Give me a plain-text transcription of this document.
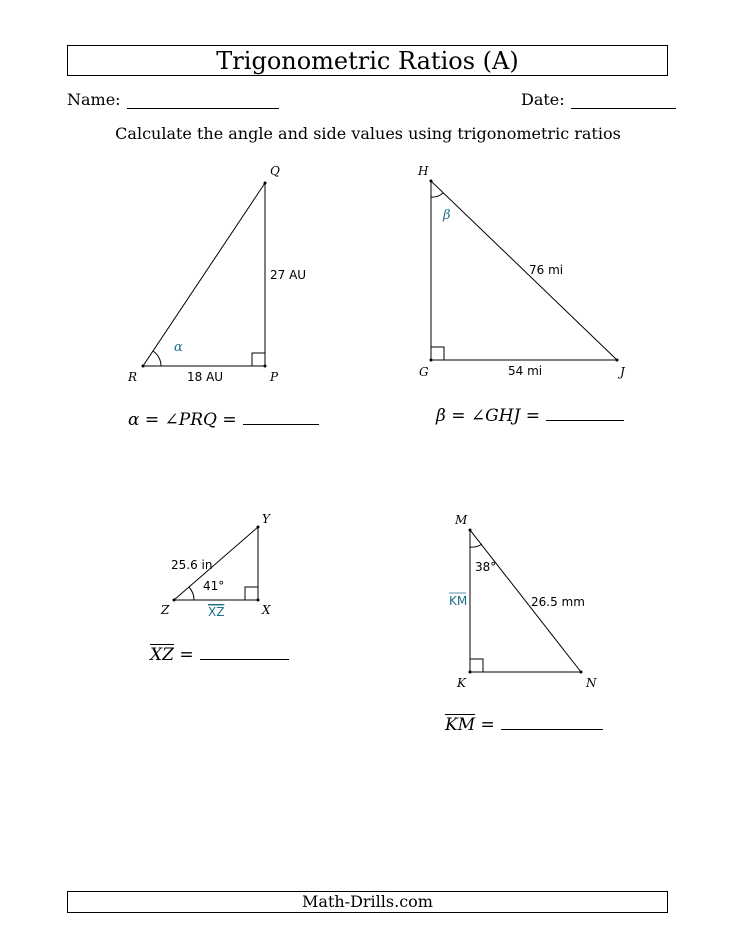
Trigonometric Ratios (A)
Name:	Date:
Calculate the angle and side values using trigonometric ratios
R	P
Q
18 AU
27 AU
α
H
G	J
76 mi
54 mi
β
Z	X
Y
25.6 in
41°
XZ
M
K	N
26.5 mm
38°
KM
α = ∠PRQ =	β = ∠GHJ =
$\overline{XZ}$ =
$\overline{KM}$ =
Math-Drills.com
